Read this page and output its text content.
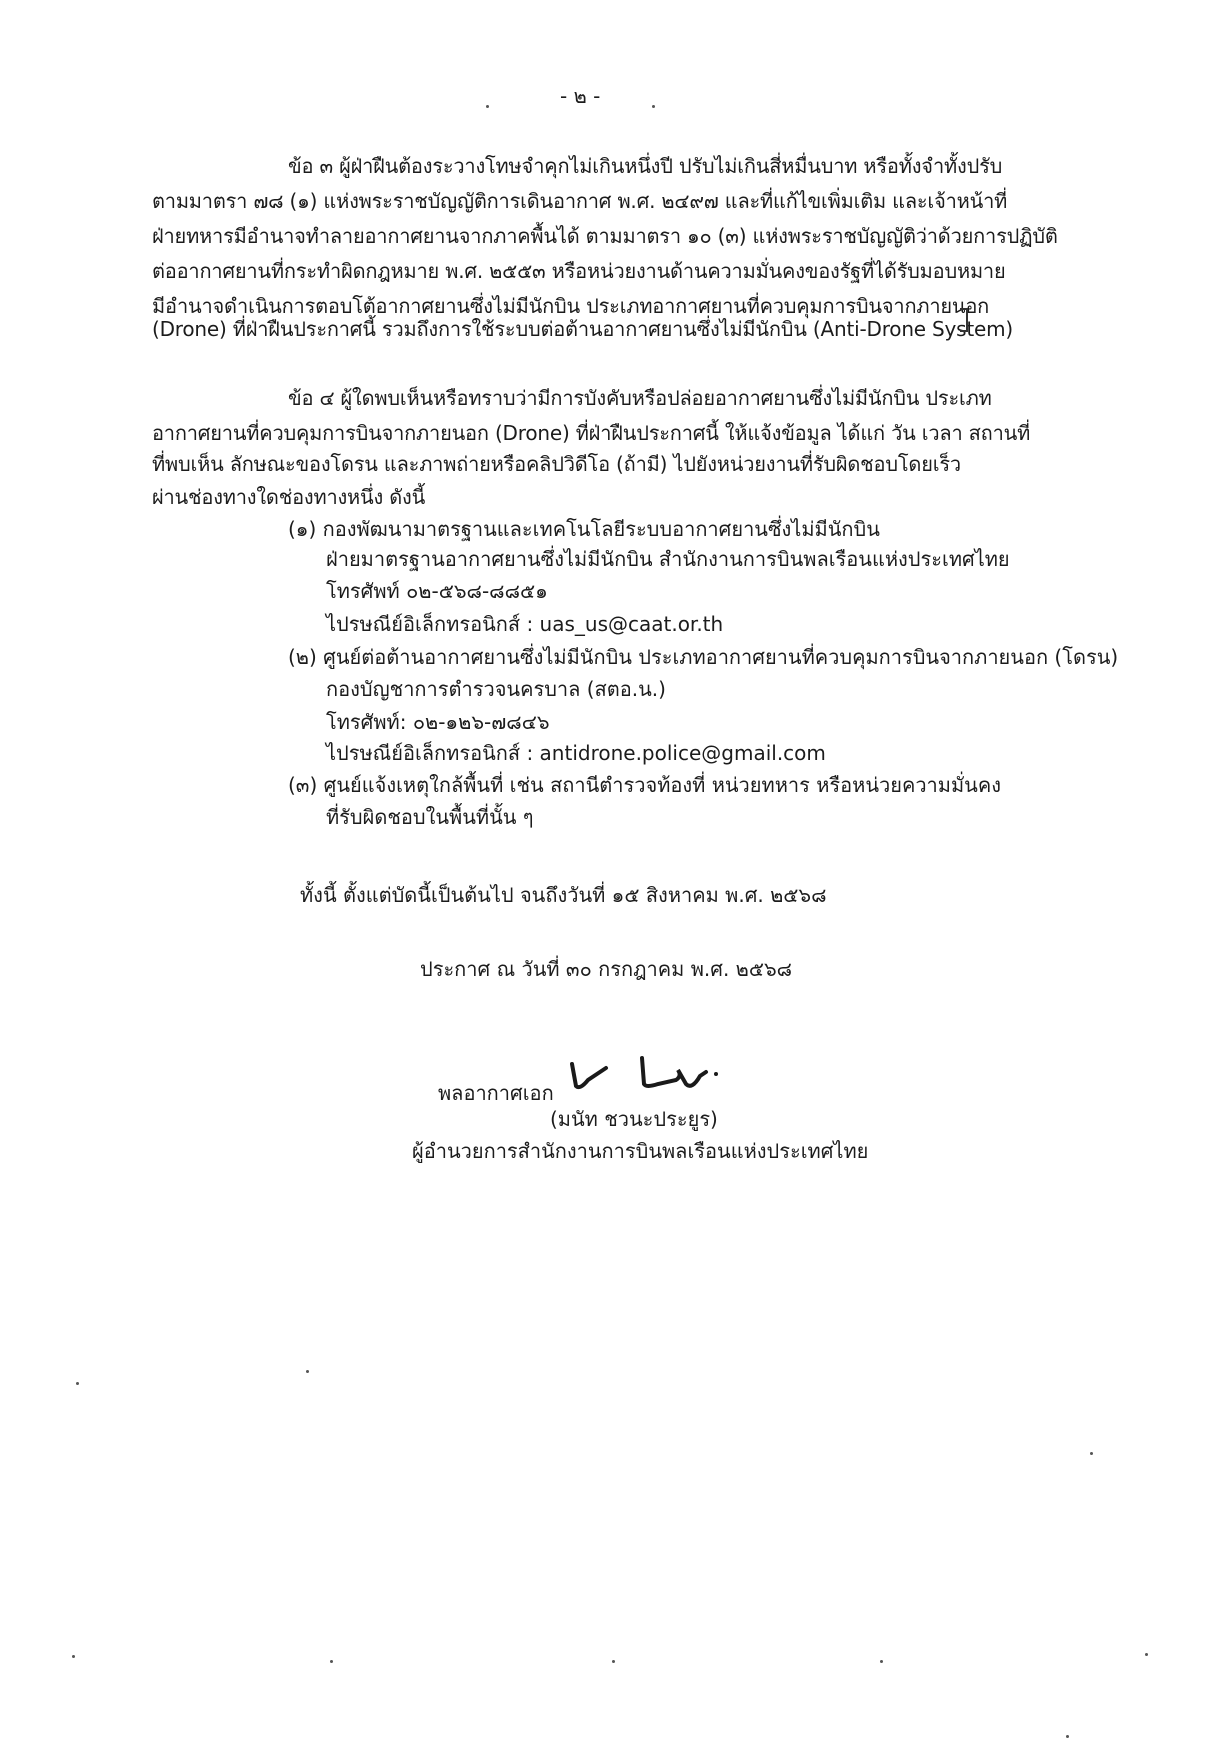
- ๒ -
ข้อ ๓ ผู้ฝ่าฝืนต้องระวางโทษจำคุกไม่เกินหนึ่งปี ปรับไม่เกินสี่หมื่นบาท หรือทั้งจำทั้งปรับ
ตามมาตรา ๗๘ (๑) แห่งพระราชบัญญัติการเดินอากาศ พ.ศ. ๒๔๙๗ และที่แก้ไขเพิ่มเติม และเจ้าหน้าที่
ฝ่ายทหารมีอำนาจทำลายอากาศยานจากภาคพื้นได้ ตามมาตรา ๑๐ (๓) แห่งพระราชบัญญัติว่าด้วยการปฏิบัติ
ต่ออากาศยานที่กระทำผิดกฎหมาย พ.ศ. ๒๕๕๓ หรือหน่วยงานด้านความมั่นคงของรัฐที่ได้รับมอบหมาย
มีอำนาจดำเนินการตอบโต้อากาศยานซึ่งไม่มีนักบิน ประเภทอากาศยานที่ควบคุมการบินจากภายนอก
(Drone) ที่ฝ่าฝืนประกาศนี้ รวมถึงการใช้ระบบต่อต้านอากาศยานซึ่งไม่มีนักบิน (Anti-Drone System)
ข้อ ๔ ผู้ใดพบเห็นหรือทราบว่ามีการบังคับหรือปล่อยอากาศยานซึ่งไม่มีนักบิน ประเภท
อากาศยานที่ควบคุมการบินจากภายนอก (Drone) ที่ฝ่าฝืนประกาศนี้ ให้แจ้งข้อมูล ได้แก่ วัน เวลา สถานที่
ที่พบเห็น ลักษณะของโดรน และภาพถ่ายหรือคลิปวิดีโอ (ถ้ามี) ไปยังหน่วยงานที่รับผิดชอบโดยเร็ว
ผ่านช่องทางใดช่องทางหนึ่ง ดังนี้
(๑) กองพัฒนามาตรฐานและเทคโนโลยีระบบอากาศยานซึ่งไม่มีนักบิน
ฝ่ายมาตรฐานอากาศยานซึ่งไม่มีนักบิน สำนักงานการบินพลเรือนแห่งประเทศไทย
โทรศัพท์ ๐๒-๕๖๘-๘๘๕๑
ไปรษณีย์อิเล็กทรอนิกส์ : uas_us@caat.or.th
(๒) ศูนย์ต่อต้านอากาศยานซึ่งไม่มีนักบิน ประเภทอากาศยานที่ควบคุมการบินจากภายนอก (โดรน)
กองบัญชาการตำรวจนครบาล (สตอ.น.)
โทรศัพท์: ๐๒-๑๒๖-๗๘๔๖
ไปรษณีย์อิเล็กทรอนิกส์ : antidrone.police@gmail.com
(๓) ศูนย์แจ้งเหตุใกล้พื้นที่ เช่น สถานีตำรวจท้องที่ หน่วยทหาร หรือหน่วยความมั่นคง
ที่รับผิดชอบในพื้นที่นั้น ๆ
ทั้งนี้ ตั้งแต่บัดนี้เป็นต้นไป จนถึงวันที่ ๑๕ สิงหาคม พ.ศ. ๒๕๖๘
ประกาศ ณ วันที่ ๓๐ กรกฎาคม พ.ศ. ๒๕๖๘
พลอากาศเอก
(มนัท ชวนะประยูร)
ผู้อำนวยการสำนักงานการบินพลเรือนแห่งประเทศไทย
